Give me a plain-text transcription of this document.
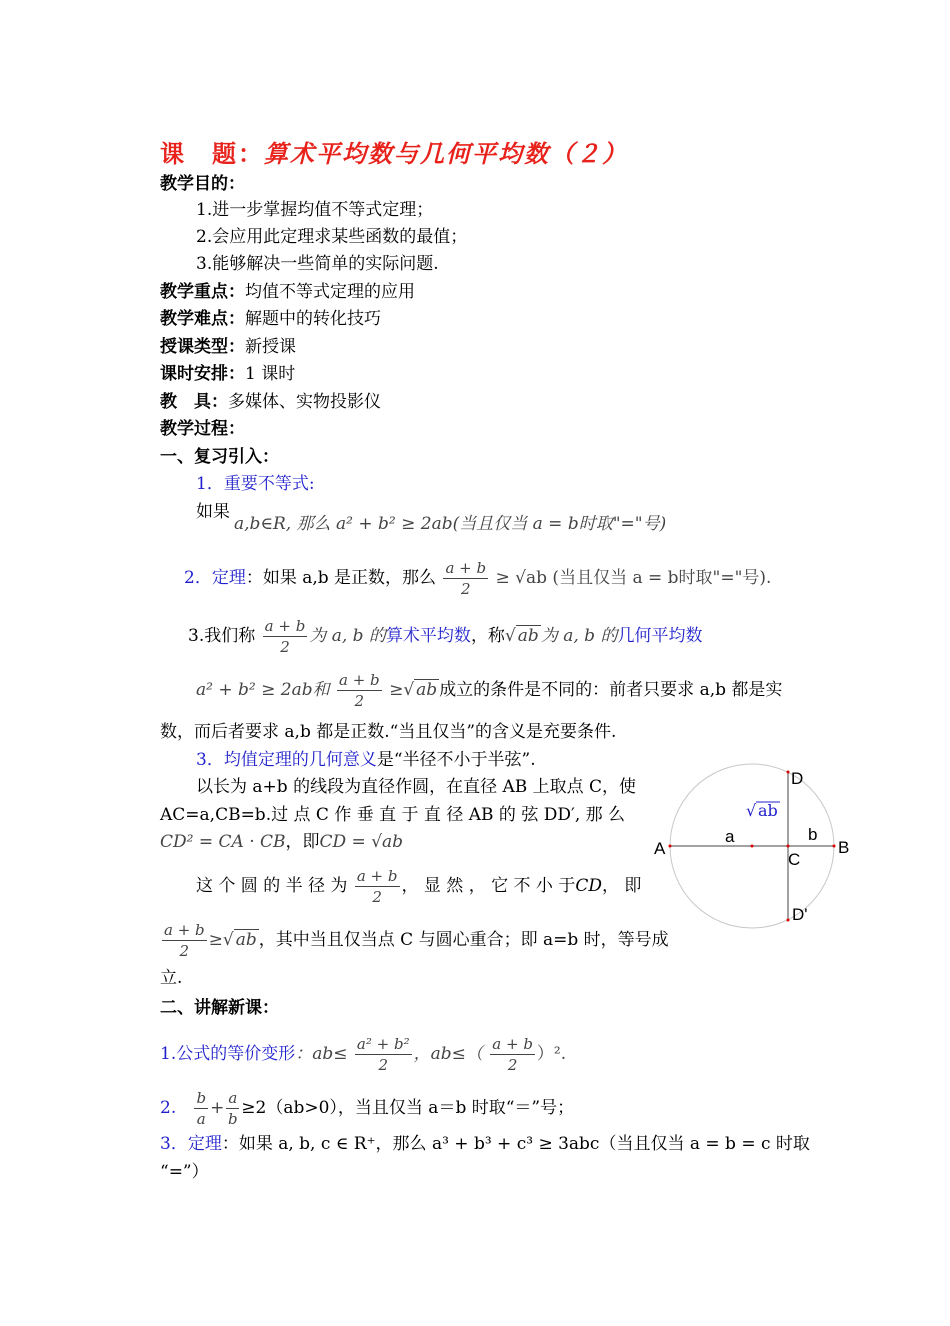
课　题：算术平均数与几何平均数（２）
教学目的：
1.进一步掌握均值不等式定理；
2.会应用此定理求某些函数的最值；
3.能够解决一些简单的实际问题.
教学重点：均值不等式定理的应用
教学难点：解题中的转化技巧
授课类型：新授课
课时安排：1 课时
教　具：多媒体、实物投影仪
教学过程：
一、复习引入：
1．重要不等式:
如果
a,b∈R, 那么 a² + b² ≥ 2ab(当且仅当 a = b时取"="号)
2．定理：如果 a,b 是正数，那么 $\frac{a + b}{2} \ge √ab$ (当且仅当 a = b时取"="号).
3.我们称 $\frac{a + b}{2}$ 为 a, b 的算术平均数，称√ ab 为 a, b 的几何平均数
a² + b² ≥ 2ab和 $\frac{a + b}{2}$ ≥√ ab 成立的条件是不同的：前者只要求 a,b 都是实
数，而后者要求 a,b 都是正数.“当且仅当”的含义是充要条件.
3．均值定理的几何意义是“半径不小于半弦”.
以长为 a+b 的线段为直径作圆，在直径 AB 上取点 C，使
AC=a,CB=b.过 点 C 作 垂 直 于 直 径 AB 的 弦 DD′, 那 么
CD² = CA · CB，即CD = √ab
这 个 圆 的 半 径 为 $\frac{a + b}{2}$ ， 显 然 ， 它 不 小 于CD， 即
$\frac{a + b}{2}$ ≥√ ab ，其中当且仅当点 C 与圆心重合；即 a=b 时，等号成
立.
A	B
C
D
D'
a	b
√ ab
二、讲解新课：
1.公式的等价变形：$ab\le \frac{\text{a² + b²}}{2}$ ，$ab\le( \frac{a + b}{2} )^2$.
2. $\frac{b}{a} + \frac{a}{b} \ge 2(ab>0)$，当且仅当 a＝b 时取“＝”号；
3．定理：如果 a, b, c ∈ R⁺，那么 a³ + b³ + c³ ≥ 3abc（当且仅当 a = b = c 时取
“=”）
